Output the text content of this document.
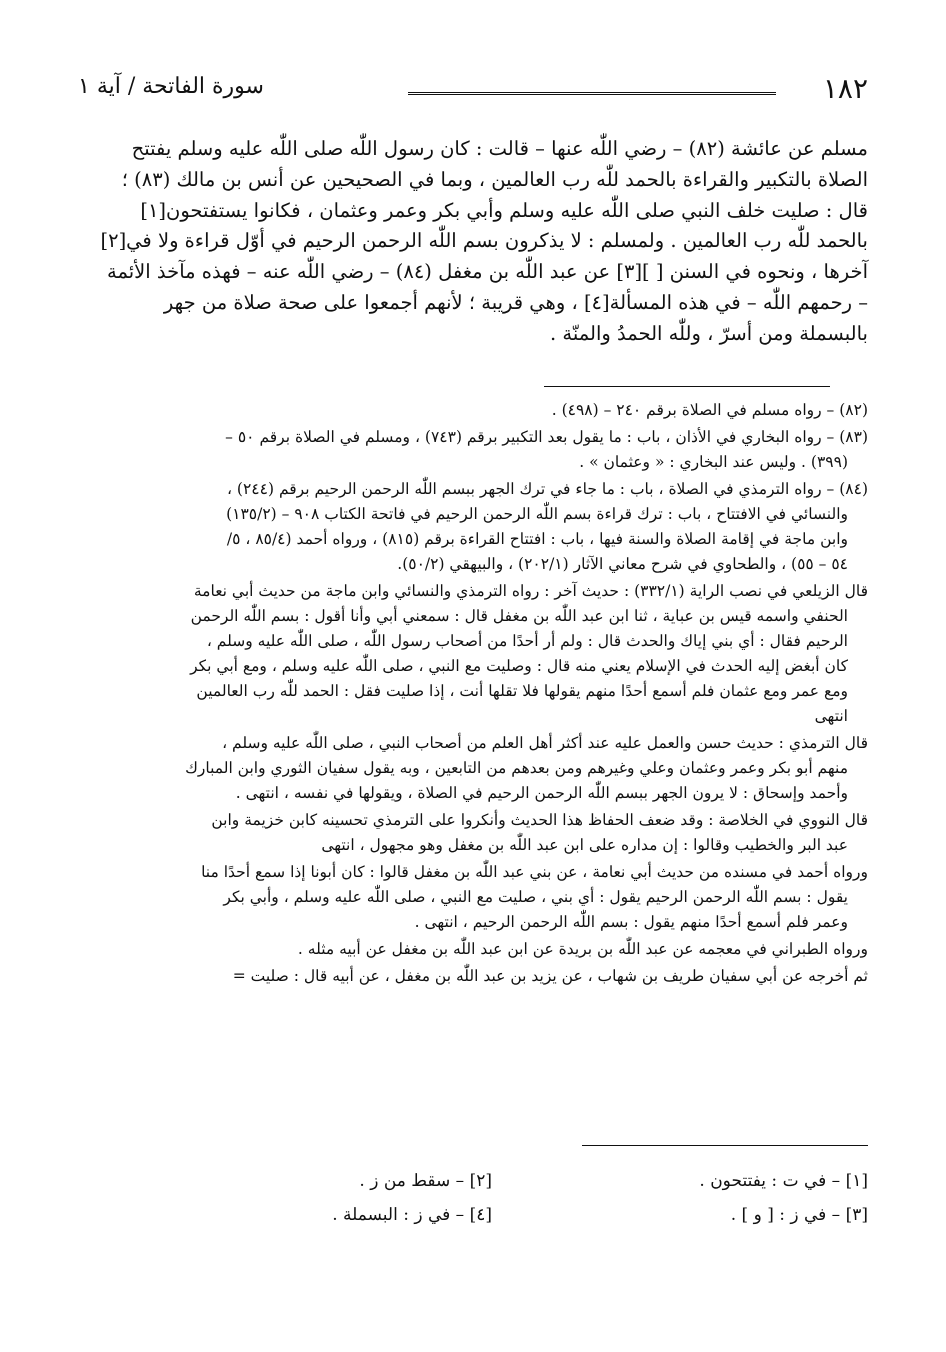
١٨٢
سورة الفاتحة / آية ١

مسلم عن عائشة (٨٢) – رضي اللّٰه عنها – قالت : كان رسول اللّٰه صلى اللّٰه عليه وسلم يفتتح

الصلاة بالتكبير والقراءة بالحمد للّٰه رب العالمين ، وبما في الصحيحين عن أنس بن مالك (٨٣) ؛

قال : صليت خلف النبي صلى اللّٰه عليه وسلم وأبي بكر وعمر وعثمان ، فكانوا يستفتحون[١]

بالحمد للّٰه رب العالمين . ولمسلم : لا يذكرون بسم اللّٰه الرحمن الرحيم في أوّل قراءة ولا في[٢]

آخرها ، ونحوه في السنن [ ][٣] عن عبد اللّٰه بن مغفل (٨٤) – رضي اللّٰه عنه – فهذه مآخذ الأئمة

– رحمهم اللّٰه – في هذه المسألة[٤] ، وهي قريبة ؛ لأنهم أجمعوا على صحة صلاة من جهر

بالبسملة ومن أسرّ ، وللّٰه الحمدُ والمنّة .

(٨٢) – رواه مسلم في الصلاة برقم ٢٤٠ – (٤٩٨) .
(٨٣) – رواه البخاري في الأذان ، باب : ما يقول بعد التكبير برقم (٧٤٣) ، ومسلم في الصلاة برقم ٥٠ –
(٣٩٩) . وليس عند البخاري : « وعثمان » .
(٨٤) – رواه الترمذي في الصلاة ، باب : ما جاء في ترك الجهر ببسم اللّٰه الرحمن الرحيم برقم (٢٤٤) ،
والنسائي في الافتتاح ، باب : ترك قراءة بسم اللّٰه الرحمن الرحيم في فاتحة الكتاب ٩٠٨ – (١٣٥/٢)
وابن ماجة في إقامة الصلاة والسنة فيها ، باب : افتتاح القراءة برقم (٨١٥) ، ورواه أحمد (٨٥/٤ ، ٥/
٥٤ – ٥٥) ، والطحاوي في شرح معاني الآثار (٢٠٢/١) ، والبيهقي (٥٠/٢).
قال الزيلعي في نصب الراية (٣٣٢/١) : حديث آخر : رواه الترمذي والنسائي وابن ماجة من حديث أبي نعامة
الحنفي واسمه قيس بن عباية ، ثنا ابن عبد اللّٰه بن مغفل قال : سمعني أبي وأنا أقول : بسم اللّٰه الرحمن
الرحيم فقال : أي بني إياك والحدث قال : ولم أر أحدًا من أصحاب رسول اللّٰه ، صلى اللّٰه عليه وسلم ،
كان أبغض إليه الحدث في الإسلام يعني منه قال : وصليت مع النبي ، صلى اللّٰه عليه وسلم ، ومع أبي بكر
ومع عمر ومع عثمان فلم أسمع أحدًا منهم يقولها فلا تقلها أنت ، إذا صليت فقل : الحمد للّٰه رب العالمين
انتهى
قال الترمذي : حديث حسن والعمل عليه عند أكثر أهل العلم من أصحاب النبي ، صلى اللّٰه عليه وسلم ،
منهم أبو بكر وعمر وعثمان وعلي وغيرهم ومن بعدهم من التابعين ، وبه يقول سفيان الثوري وابن المبارك
وأحمد وإسحاق : لا يرون الجهر ببسم اللّٰه الرحمن الرحيم في الصلاة ، ويقولها في نفسه ، انتهى .
قال النووي في الخلاصة : وقد ضعف الحفاظ هذا الحديث وأنكروا على الترمذي تحسينه كابن خزيمة وابن
عبد البر والخطيب وقالوا : إن مداره على ابن عبد اللّٰه بن مغفل وهو مجهول ، انتهى
ورواه أحمد في مسنده من حديث أبي نعامة ، عن بني عبد اللّٰه بن مغفل قالوا : كان أبونا إذا سمع أحدًا منا
يقول : بسم اللّٰه الرحمن الرحيم يقول : أي بني ، صليت مع النبي ، صلى اللّٰه عليه وسلم ، وأبي بكر
وعمر فلم أسمع أحدًا منهم يقول : بسم اللّٰه الرحمن الرحيم ، انتهى .
ورواه الطبراني في معجمه عن عبد اللّٰه بن بريدة عن ابن عبد اللّٰه بن مغفل عن أبيه مثله .
ثم أخرجه عن أبي سفيان طريف بن شهاب ، عن يزيد بن عبد اللّٰه بن مغفل ، عن أبيه قال : صليت =
[١] – في ت : يفتتحون .
[٢] – سقط من ز .
[٣] – في ز : [ و ] .
[٤] – في ز : البسملة .
